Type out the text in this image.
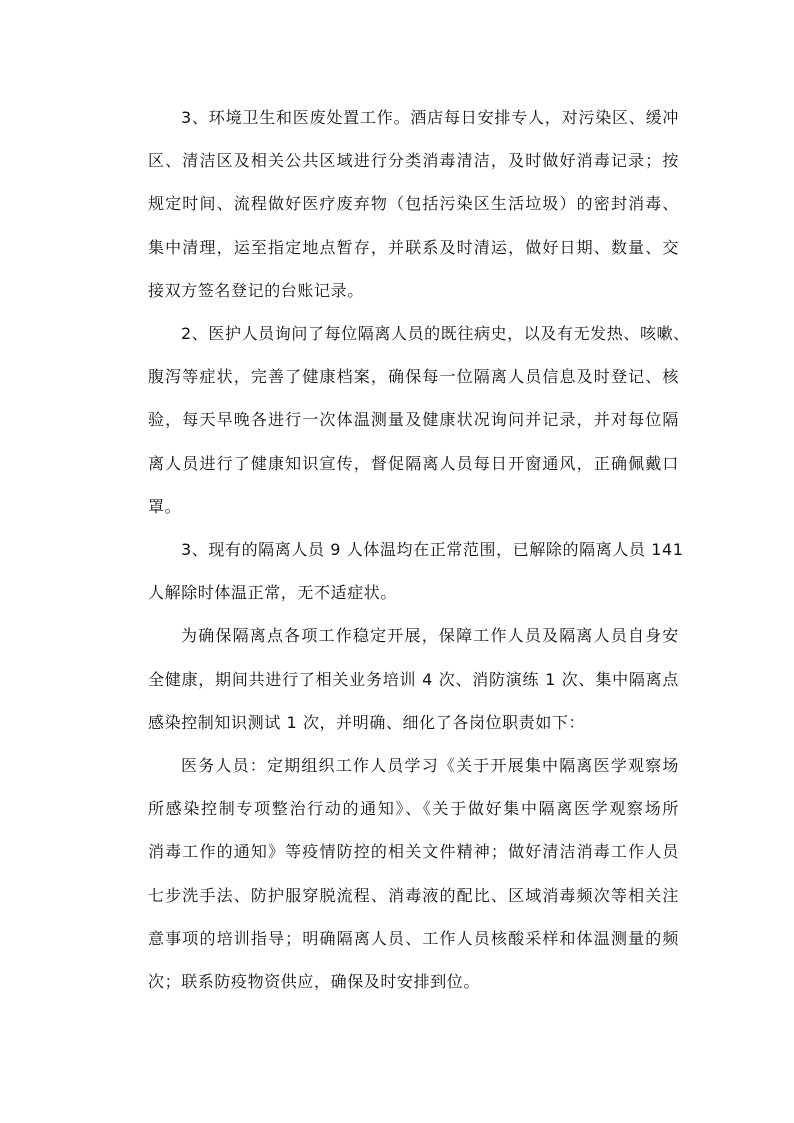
3、环境卫生和医废处置工作。酒店每日安排专人，对污染区、缓冲
区、清洁区及相关公共区域进行分类消毒清洁，及时做好消毒记录；按
规定时间、流程做好医疗废弃物（包括污染区生活垃圾）的密封消毒、
集中清理，运至指定地点暂存，并联系及时清运，做好日期、数量、交
接双方签名登记的台账记录。
2、医护人员询问了每位隔离人员的既往病史，以及有无发热、咳嗽、
腹泻等症状，完善了健康档案，确保每一位隔离人员信息及时登记、核
验，每天早晚各进行一次体温测量及健康状况询问并记录，并对每位隔
离人员进行了健康知识宣传，督促隔离人员每日开窗通风，正确佩戴口
罩。
3、现有的隔离人员 9 人体温均在正常范围，已解除的隔离人员 141
人解除时体温正常，无不适症状。
为确保隔离点各项工作稳定开展，保障工作人员及隔离人员自身安
全健康，期间共进行了相关业务培训 4 次、消防演练 1 次、集中隔离点
感染控制知识测试 1 次，并明确、细化了各岗位职责如下：
医务人员：定期组织工作人员学习《关于开展集中隔离医学观察场
所感染控制专项整治行动的通知》、《关于做好集中隔离医学观察场所
消毒工作的通知》等疫情防控的相关文件精神；做好清洁消毒工作人员
七步洗手法、防护服穿脱流程、消毒液的配比、区域消毒频次等相关注
意事项的培训指导；明确隔离人员、工作人员核酸采样和体温测量的频
次；联系防疫物资供应，确保及时安排到位。
